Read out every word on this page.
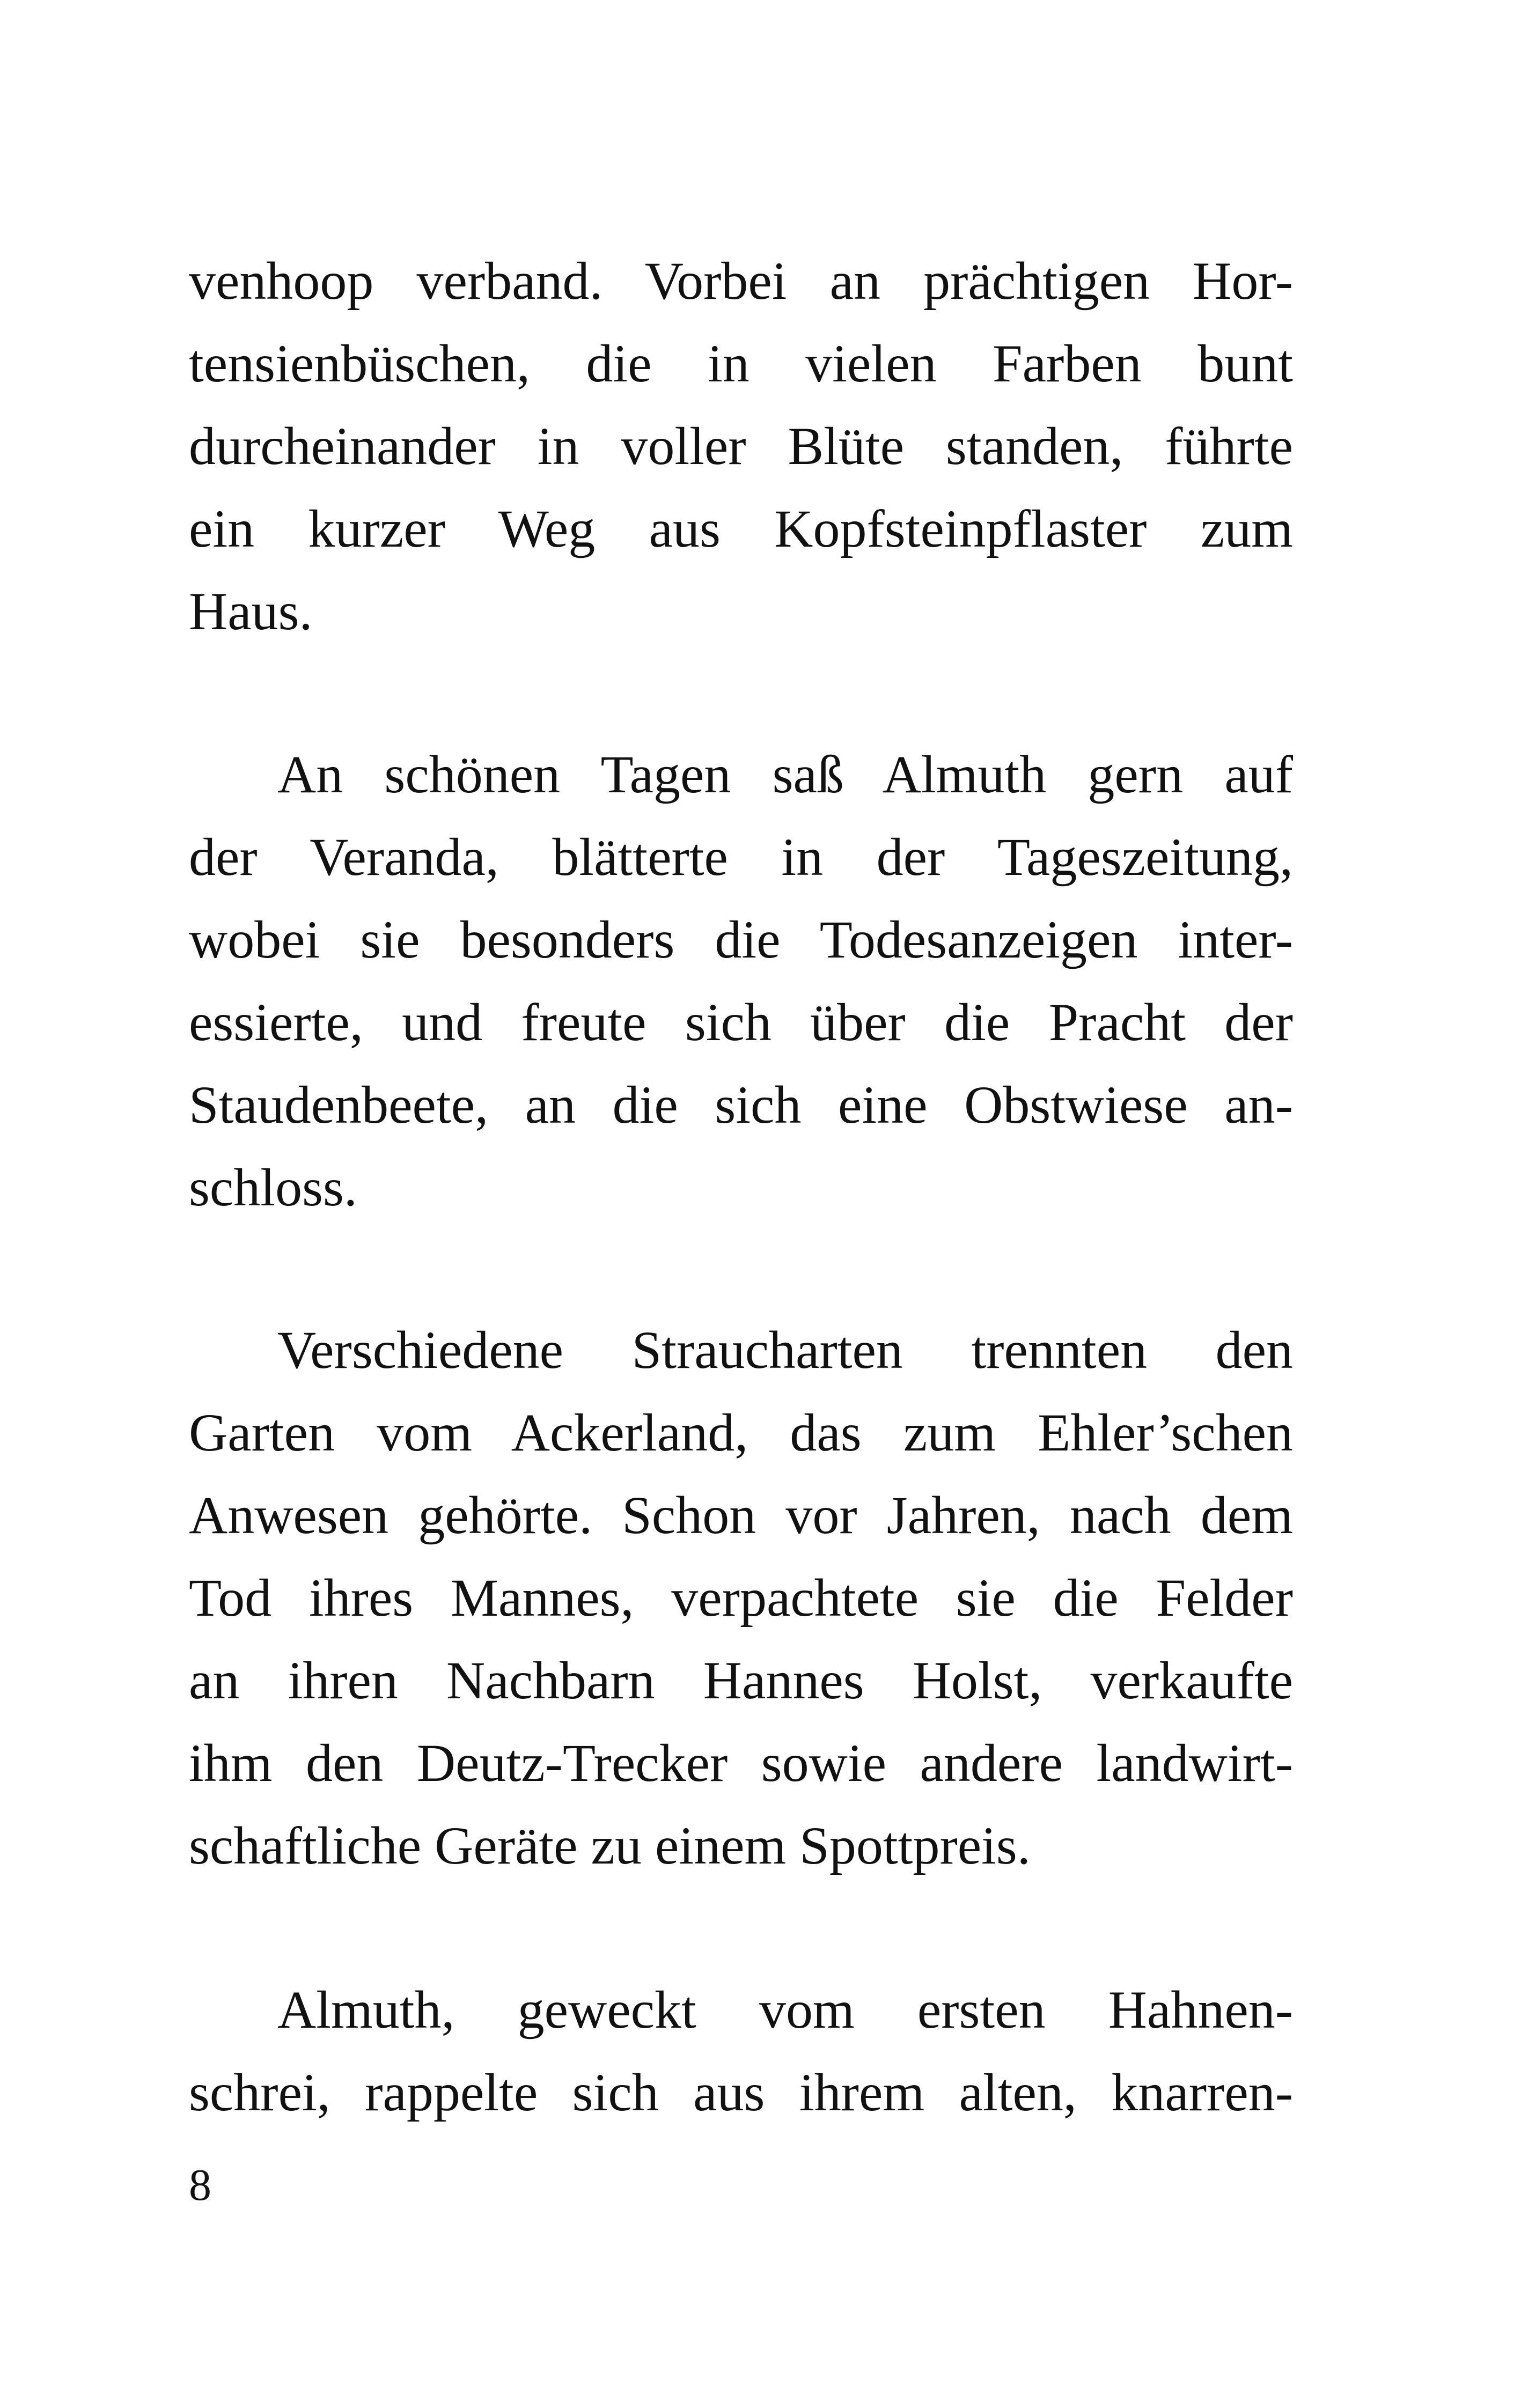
venhoop verband. Vorbei an prächtigen Hor-
tensienbüschen, die in vielen Farben bunt
durcheinander in voller Blüte standen, führte
ein kurzer Weg aus Kopfsteinpflaster zum
Haus.
An schönen Tagen saß Almuth gern auf
der Veranda, blätterte in der Tageszeitung,
wobei sie besonders die Todesanzeigen inter-
essierte, und freute sich über die Pracht der
Staudenbeete, an die sich eine Obstwiese an-
schloss.
Verschiedene Straucharten trennten den
Garten vom Ackerland, das zum Ehler’schen
Anwesen gehörte. Schon vor Jahren, nach dem
Tod ihres Mannes, verpachtete sie die Felder
an ihren Nachbarn Hannes Holst, verkaufte
ihm den Deutz-Trecker sowie andere landwirt-
schaftliche Geräte zu einem Spottpreis.
Almuth, geweckt vom ersten Hahnen-
schrei, rappelte sich aus ihrem alten, knarren-
8
